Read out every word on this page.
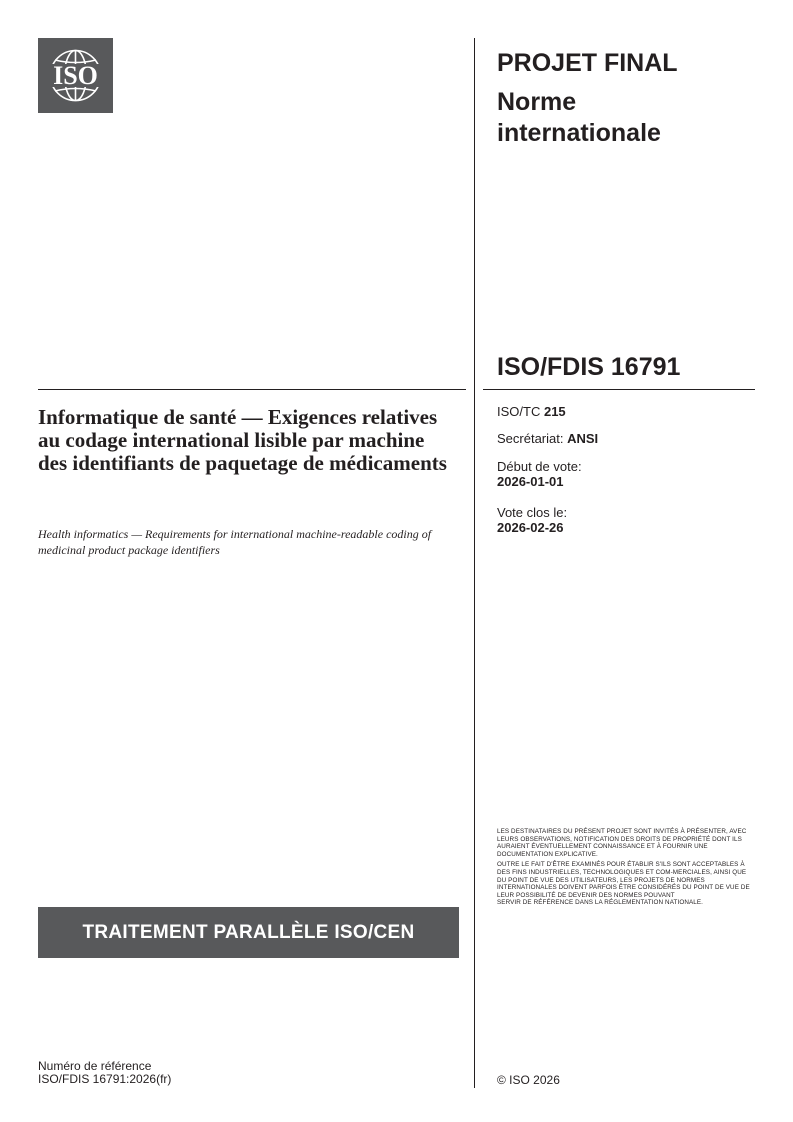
ISO	PROJET FINAL
Norme
internationale
ISO/FDIS 16791
Informatique de santé — Exigences relatives au codage international lisible par machine des identifiants de paquetage de médicaments
Health informatics — Requirements for international machine-readable coding of medicinal product package identifiers
ISO/TC 215
Secrétariat: ANSI
Début de vote:
2026-01-01
Vote clos le:
2026-02-26

LES DESTINATAIRES DU PRÉSENT PROJET SONT INVITÉS À PRÉSENTER, AVEC LEURS OBSERVATIONS, NOTIFICATION DES DROITS DE PROPRIÉTÉ DONT ILS AURAIENT ÉVENTUELLEMENT CONNAISSANCE ET À FOURNIR UNE DOCUMENTATION EXPLICATIVE.

OUTRE LE FAIT D'ÊTRE EXAMINÉS POUR ÉTABLIR S'ILS SONT ACCEPTABLES À DES FINS INDUSTRIELLES, TECHNOLOGIQUES ET COM-MERCIALES, AINSI QUE DU POINT DE VUE DES UTILISATEURS, LES PROJETS DE NORMES
INTERNATIONALES DOIVENT PARFOIS ÊTRE CONSIDÉRÉS DU POINT DE VUE DE LEUR POSSIBILITÉ DE DEVENIR DES NORMES POUVANT
SERVIR DE RÉFÉRENCE DANS LA RÉGLEMENTATION NATIONALE.
TRAITEMENT PARALLÈLE ISO/CEN
Numéro de référence
ISO/FDIS 16791:2026(fr)	© ISO 2026
